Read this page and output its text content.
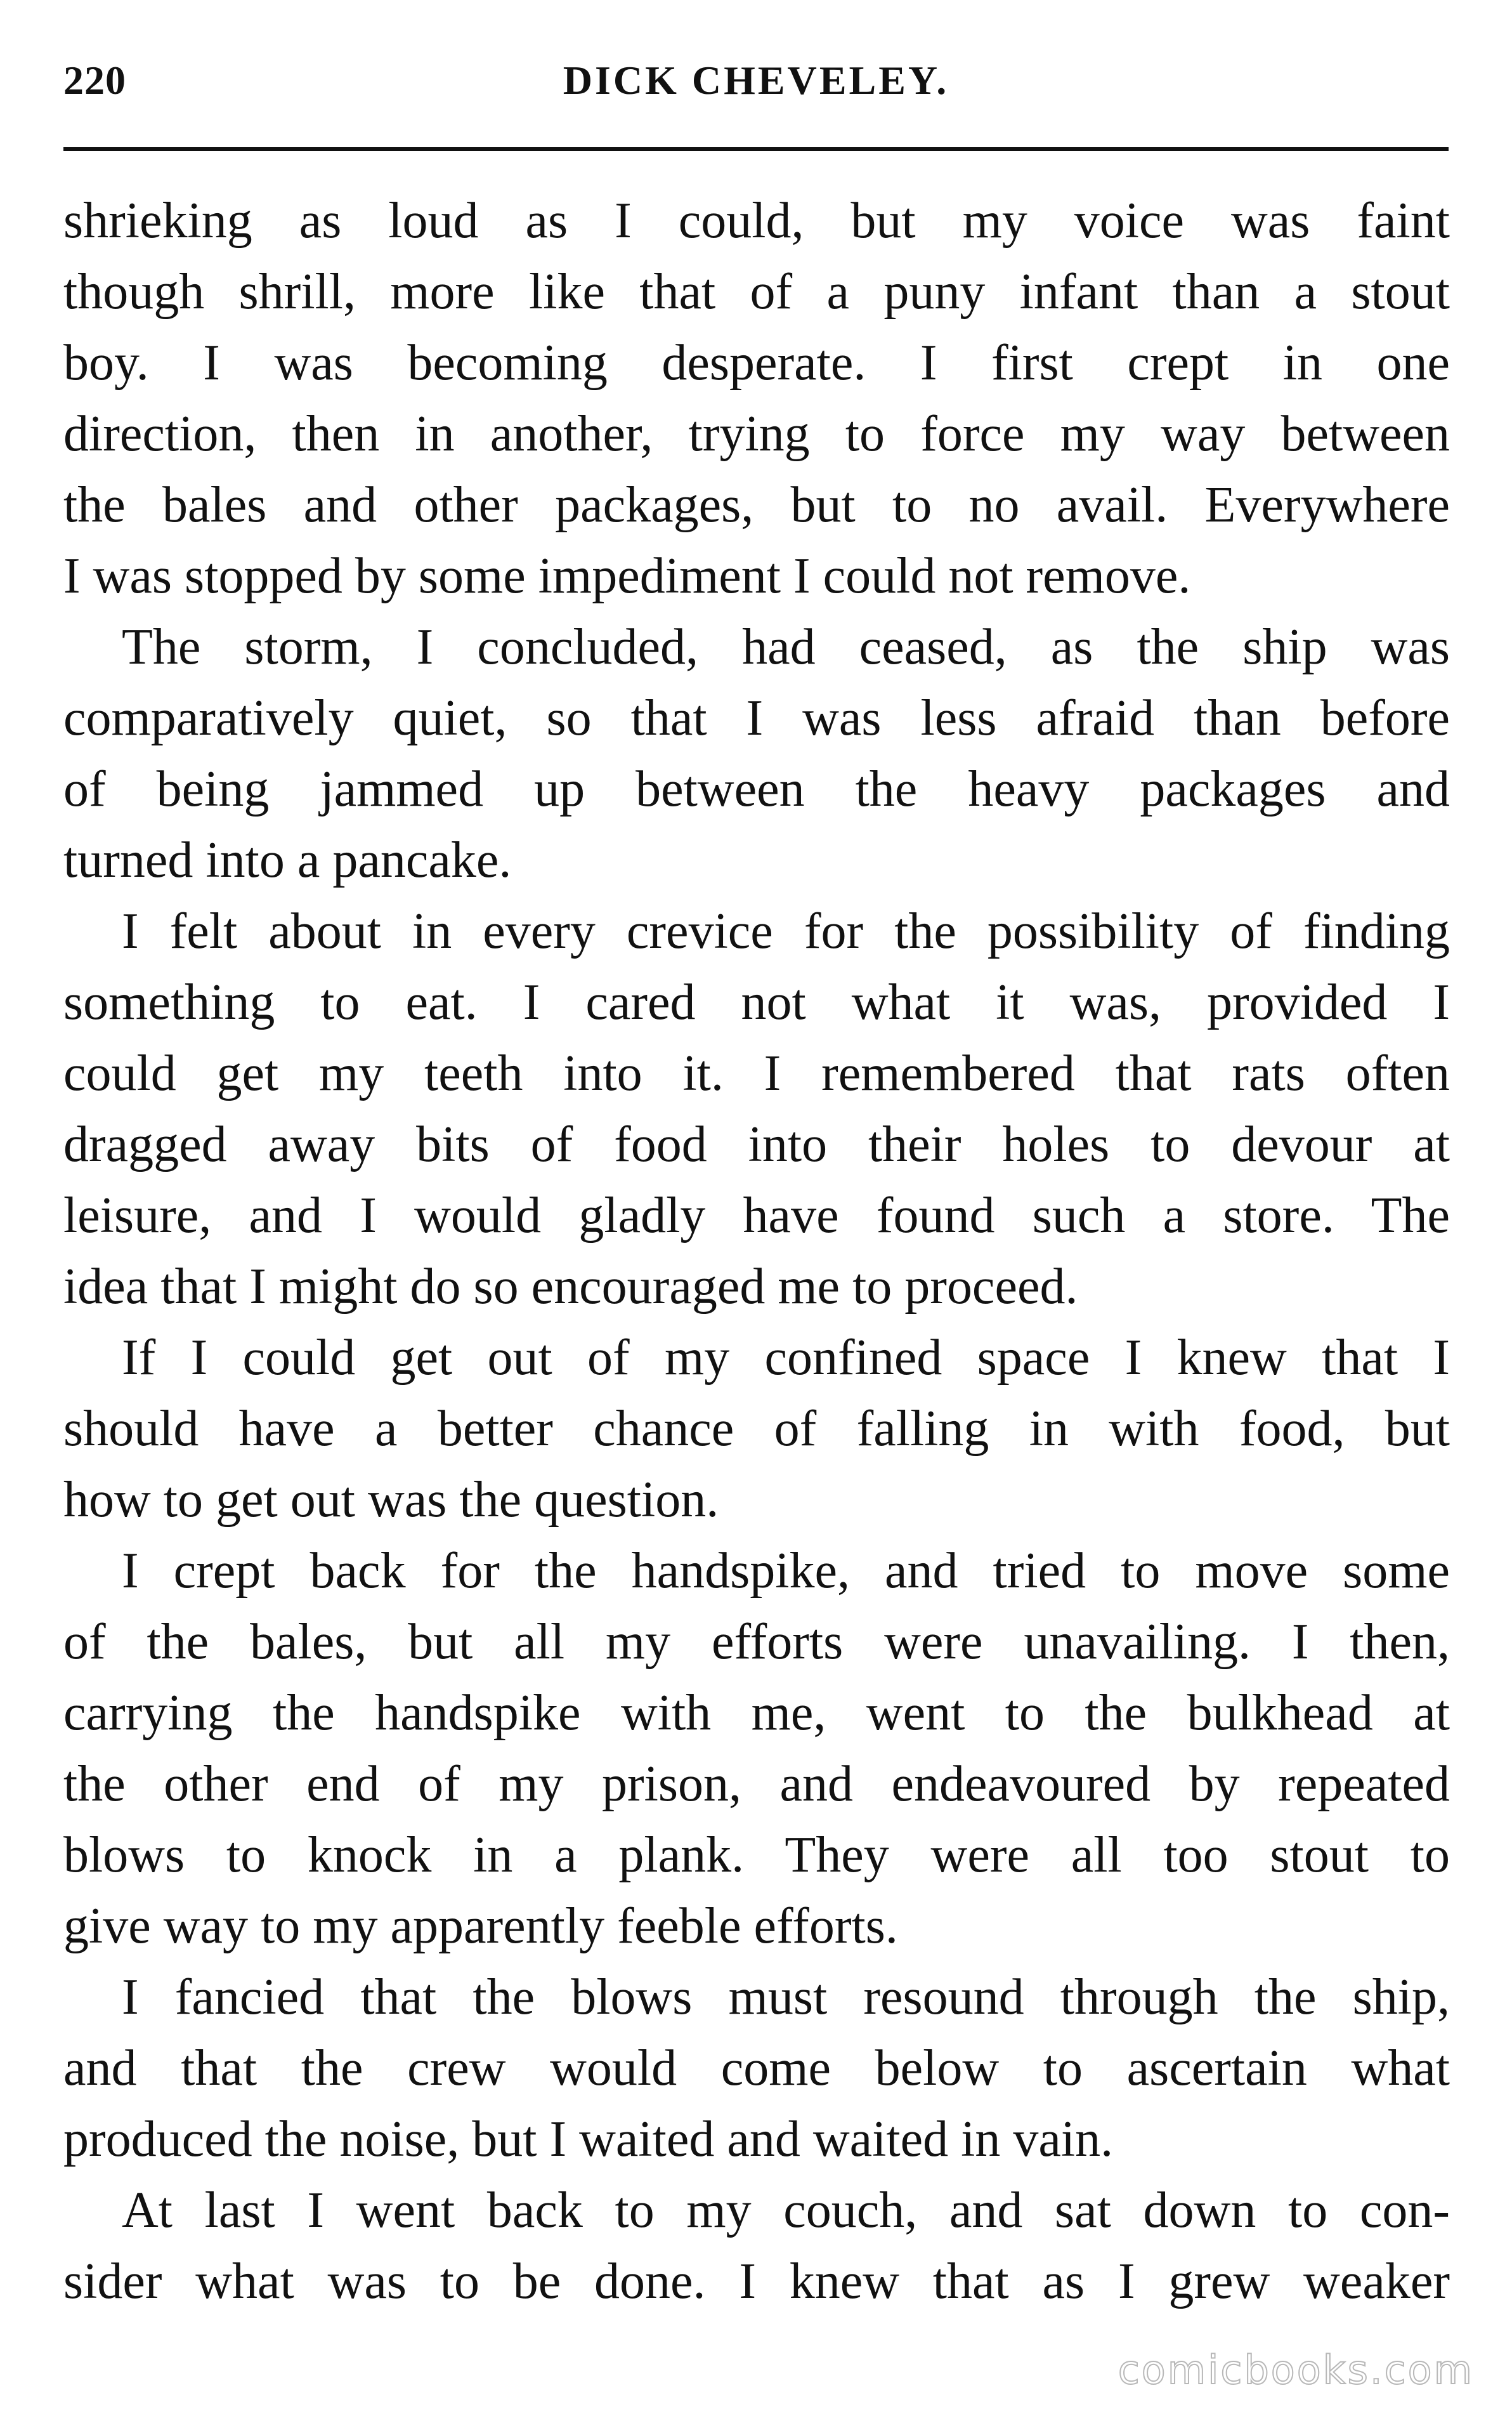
220	DICK CHEVELEY.
shrieking as loud as I could, but my voice was faint
though shrill, more like that of a puny infant than a stout
boy. I was becoming desperate. I first crept in one
direction, then in another, trying to force my way between
the bales and other packages, but to no avail. Everywhere
I was stopped by some impediment I could not remove.
The storm, I concluded, had ceased, as the ship was
comparatively quiet, so that I was less afraid than before
of being jammed up between the heavy packages and
turned into a pancake.
I felt about in every crevice for the possibility of finding
something to eat. I cared not what it was, provided I
could get my teeth into it. I remembered that rats often
dragged away bits of food into their holes to devour at
leisure, and I would gladly have found such a store. The
idea that I might do so encouraged me to proceed.
If I could get out of my confined space I knew that I
should have a better chance of falling in with food, but
how to get out was the question.
I crept back for the handspike, and tried to move some
of the bales, but all my efforts were unavailing. I then,
carrying the handspike with me, went to the bulkhead at
the other end of my prison, and endeavoured by repeated
blows to knock in a plank. They were all too stout to
give way to my apparently feeble efforts.
I fancied that the blows must resound through the ship,
and that the crew would come below to ascertain what
produced the noise, but I waited and waited in vain.
At last I went back to my couch, and sat down to con-
sider what was to be done. I knew that as I grew weaker
comicbooks.com
